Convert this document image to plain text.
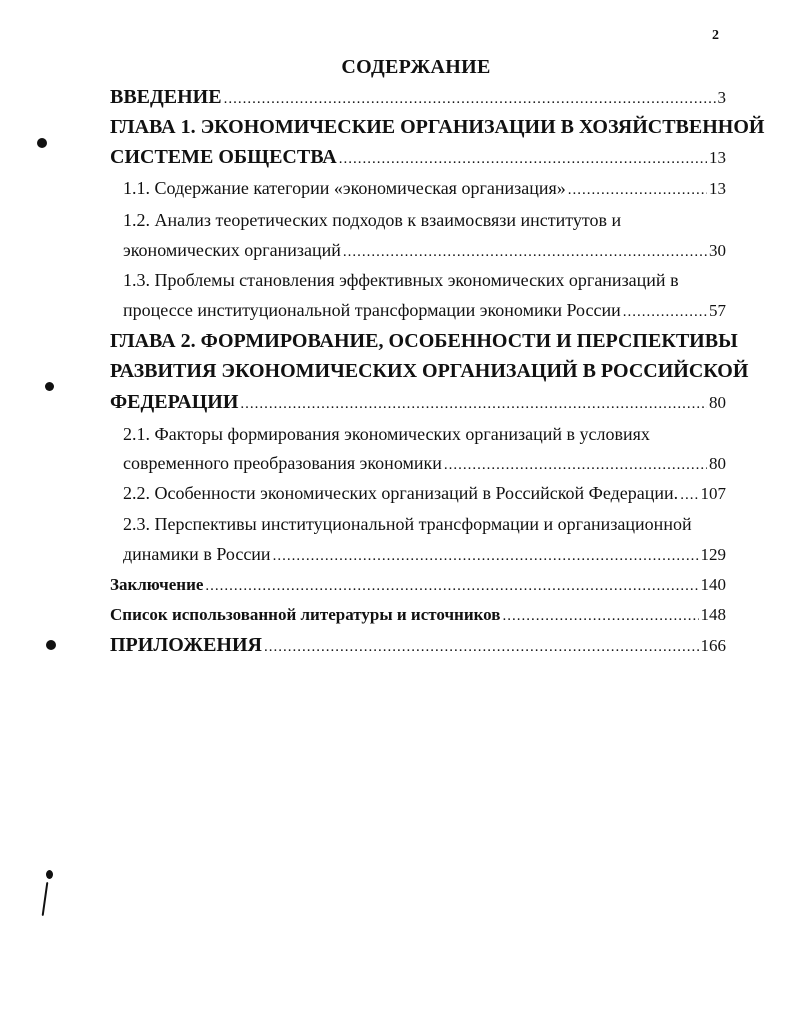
2
СОДЕРЖАНИЕ
ВВЕДЕНИЕ .....	3
ГЛАВА 1. ЭКОНОМИЧЕСКИЕ ОРГАНИЗАЦИИ В ХОЗЯЙСТВЕННОЙ
СИСТЕМЕ ОБЩЕСТВА .....	13
1.1. Содержание категории «экономическая организация» .....	13
1.2. Анализ теоретических подходов к взаимосвязи институтов и
экономических организаций .....	30
1.3. Проблемы становления эффективных экономических организаций в
процессе институциональной трансформации экономики России .....	57
ГЛАВА 2. ФОРМИРОВАНИЕ, ОСОБЕННОСТИ И ПЕРСПЕКТИВЫ
РАЗВИТИЯ ЭКОНОМИЧЕСКИХ ОРГАНИЗАЦИЙ В РОССИЙСКОЙ
ФЕДЕРАЦИИ .....	80
2.1. Факторы формирования экономических организаций в условиях
современного преобразования экономики .....	80
2.2. Особенности экономических организаций в Российской Федерации. ..... 107
2.3. Перспективы институциональной трансформации и организационной
динамики в России .....	129
Заключение .....	140
Список использованной литературы и источников .....	148
ПРИЛОЖЕНИЯ .....	166
